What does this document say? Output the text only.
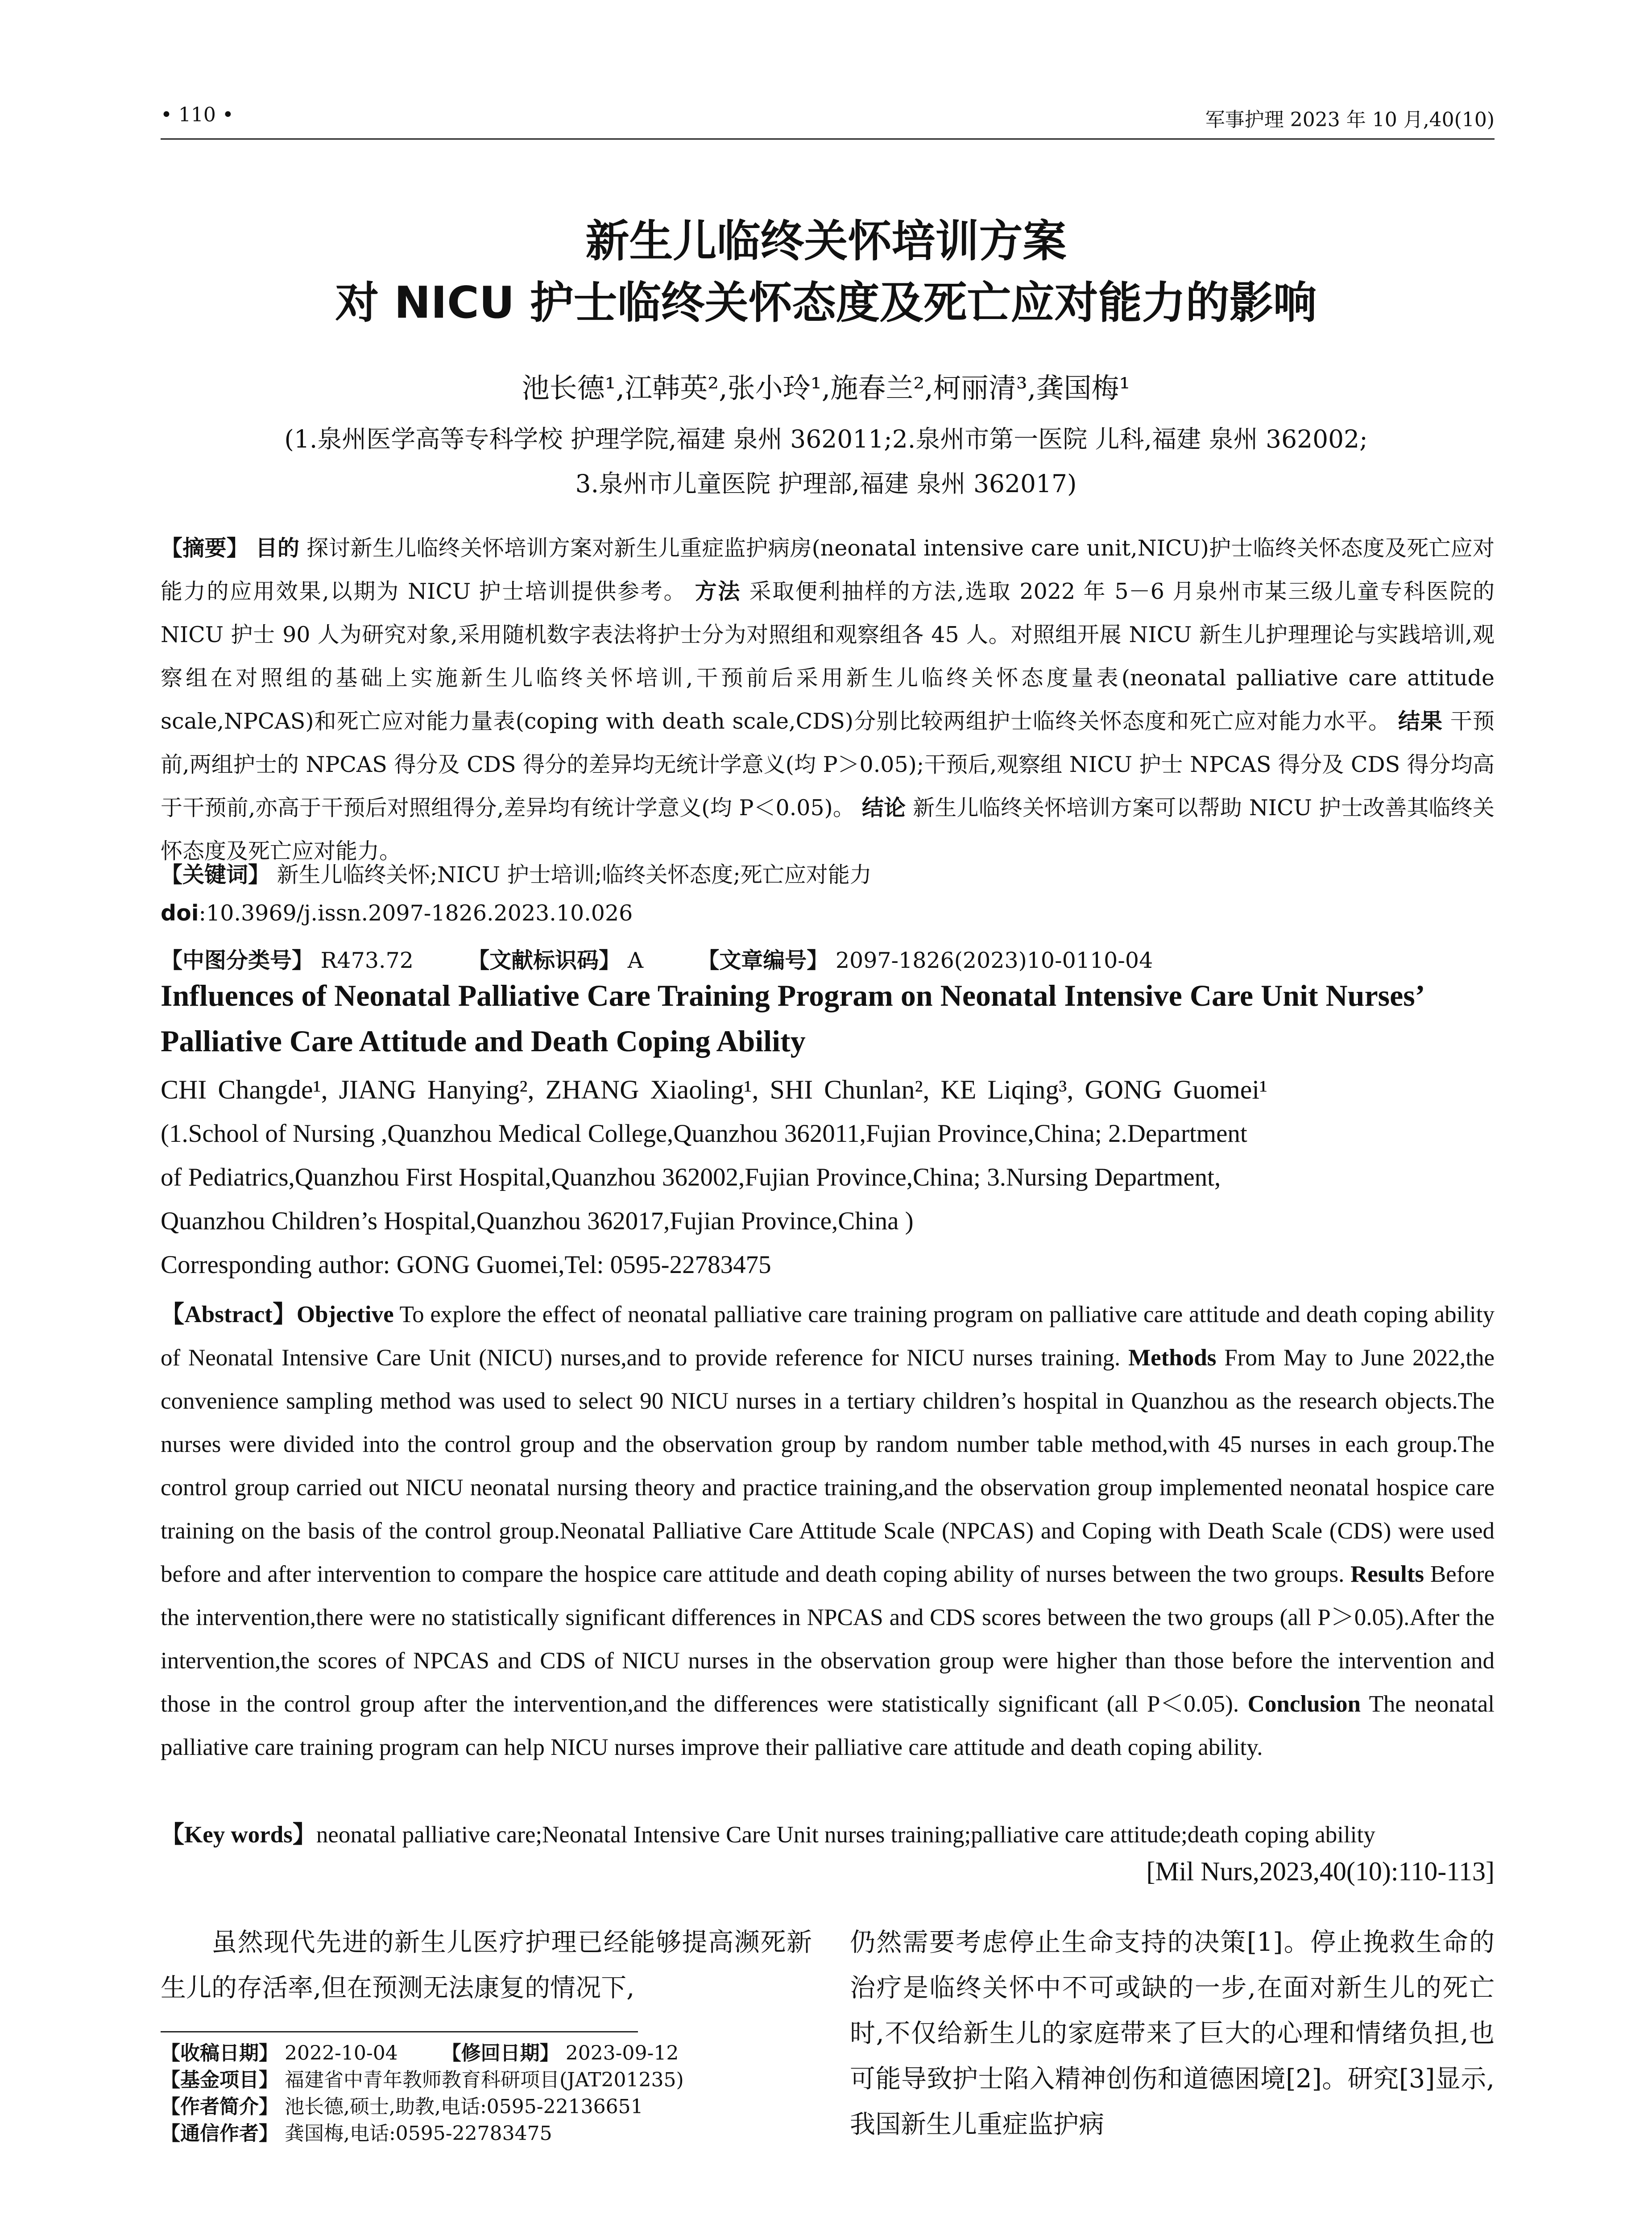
• 110 •	军事护理 2023 年 10 月,40(10)
新生儿临终关怀培训方案
对 NICU 护士临终关怀态度及死亡应对能力的影响
池长德¹,江韩英²,张小玲¹,施春兰²,柯丽清³,龚国梅¹
(1.泉州医学高等专科学校 护理学院,福建 泉州 362011;2.泉州市第一医院 儿科,福建 泉州 362002;
3.泉州市儿童医院 护理部,福建 泉州 362017)
【摘要】 目的 探讨新生儿临终关怀培训方案对新生儿重症监护病房(neonatal intensive care unit,NICU)护士临终关怀态度及死亡应对能力的应用效果,以期为 NICU 护士培训提供参考。 方法 采取便利抽样的方法,选取 2022 年 5－6 月泉州市某三级儿童专科医院的 NICU 护士 90 人为研究对象,采用随机数字表法将护士分为对照组和观察组各 45 人。对照组开展 NICU 新生儿护理理论与实践培训,观察组在对照组的基础上实施新生儿临终关怀培训,干预前后采用新生儿临终关怀态度量表(neonatal palliative care attitude scale,NPCAS)和死亡应对能力量表(coping with death scale,CDS)分别比较两组护士临终关怀态度和死亡应对能力水平。 结果 干预前,两组护士的 NPCAS 得分及 CDS 得分的差异均无统计学意义(均 P＞0.05);干预后,观察组 NICU 护士 NPCAS 得分及 CDS 得分均高于干预前,亦高于干预后对照组得分,差异均有统计学意义(均 P＜0.05)。 结论 新生儿临终关怀培训方案可以帮助 NICU 护士改善其临终关怀态度及死亡应对能力。
【关键词】 新生儿临终关怀;NICU 护士培训;临终关怀态度;死亡应对能力
doi:10.3969/j.issn.2097-1826.2023.10.026
【中图分类号】 R473.72 【文献标识码】 A 【文章编号】 2097-1826(2023)10-0110-04
Influences of Neonatal Palliative Care Training Program on Neonatal Intensive Care Unit Nurses’
Palliative Care Attitude and Death Coping Ability
CHI Changde¹, JIANG Hanying², ZHANG Xiaoling¹, SHI Chunlan², KE Liqing³, GONG Guomei¹
(1.School of Nursing ,Quanzhou Medical College,Quanzhou 362011,Fujian Province,China; 2.Department
of Pediatrics,Quanzhou First Hospital,Quanzhou 362002,Fujian Province,China; 3.Nursing Department,
Quanzhou Children’s Hospital,Quanzhou 362017,Fujian Province,China )
Corresponding author: GONG Guomei,Tel: 0595-22783475
【Abstract】Objective To explore the effect of neonatal palliative care training program on palliative care attitude and death coping ability of Neonatal Intensive Care Unit (NICU) nurses,and to provide reference for NICU nurses training. Methods From May to June 2022,the convenience sampling method was used to select 90 NICU nurses in a tertiary children’s hospital in Quanzhou as the research objects.The nurses were divided into the control group and the observation group by random number table method,with 45 nurses in each group.The control group carried out NICU neonatal nursing theory and practice training,and the observation group implemented neonatal hospice care training on the basis of the control group.Neonatal Palliative Care Attitude Scale (NPCAS) and Coping with Death Scale (CDS) were used before and after intervention to compare the hospice care attitude and death coping ability of nurses between the two groups. Results Before the intervention,there were no statistically significant differences in NPCAS and CDS scores between the two groups (all P＞0.05).After the intervention,the scores of NPCAS and CDS of NICU nurses in the observation group were higher than those before the intervention and those in the control group after the intervention,and the differences were statistically significant (all P＜0.05). Conclusion The neonatal palliative care training program can help NICU nurses improve their palliative care attitude and death coping ability.
【Key words】neonatal palliative care;Neonatal Intensive Care Unit nurses training;palliative care attitude;death coping ability
[Mil Nurs,2023,40(10):110-113]
虽然现代先进的新生儿医疗护理已经能够提高濒死新生儿的存活率,但在预测无法康复的情况下,
仍然需要考虑停止生命支持的决策[1]。停止挽救生命的治疗是临终关怀中不可或缺的一步,在面对新生儿的死亡时,不仅给新生儿的家庭带来了巨大的心理和情绪负担,也可能导致护士陷入精神创伤和道德困境[2]。研究[3]显示,我国新生儿重症监护病
【收稿日期】 2022-10-04 【修回日期】 2023-09-12
【基金项目】 福建省中青年教师教育科研项目(JAT201235)
【作者简介】 池长德,硕士,助教,电话:0595-22136651
【通信作者】 龚国梅,电话:0595-22783475
